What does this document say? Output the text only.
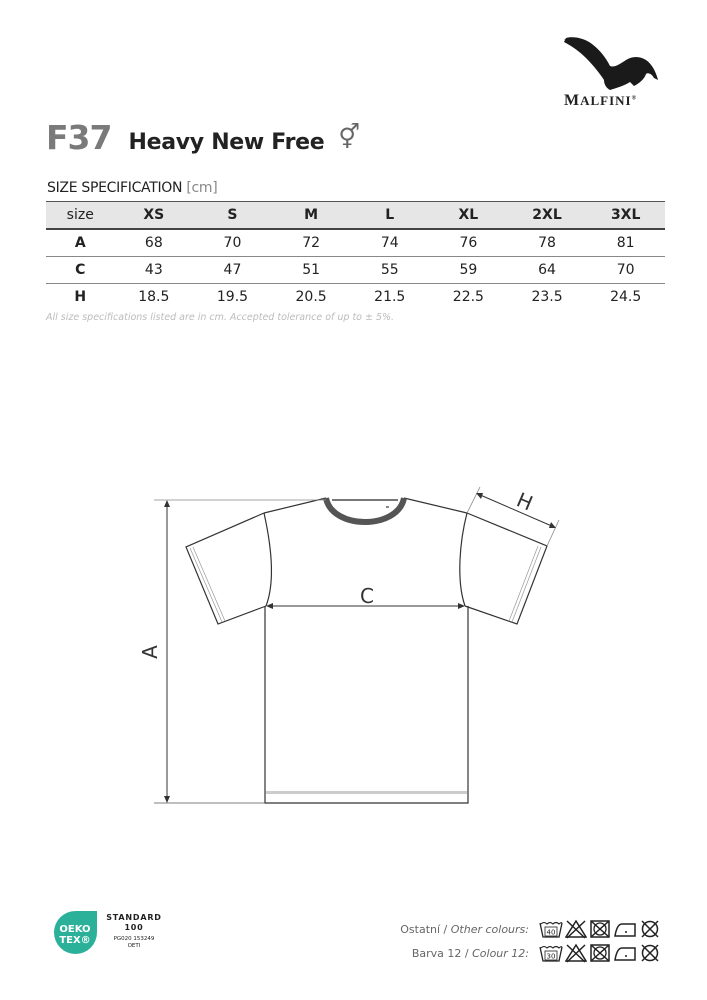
MALFINI®
F37 Heavy New Free ⚥
SIZE SPECIFICATION [cm]
size	XS	S	M	L	XL	2XL	3XL
A	68	70	72	74	76	78	81
C	43	47	51	55	59	64	70
H	18.5	19.5	20.5	21.5	22.5	23.5	24.5
All size specifications listed are in cm. Accepted tolerance of up to ± 5%.
A
C
H
OEKO
TEX®
STANDARD
100
PG020 153249
OETI
Ostatní / Other colours:	40
Barva 12 / Colour 12:	30
